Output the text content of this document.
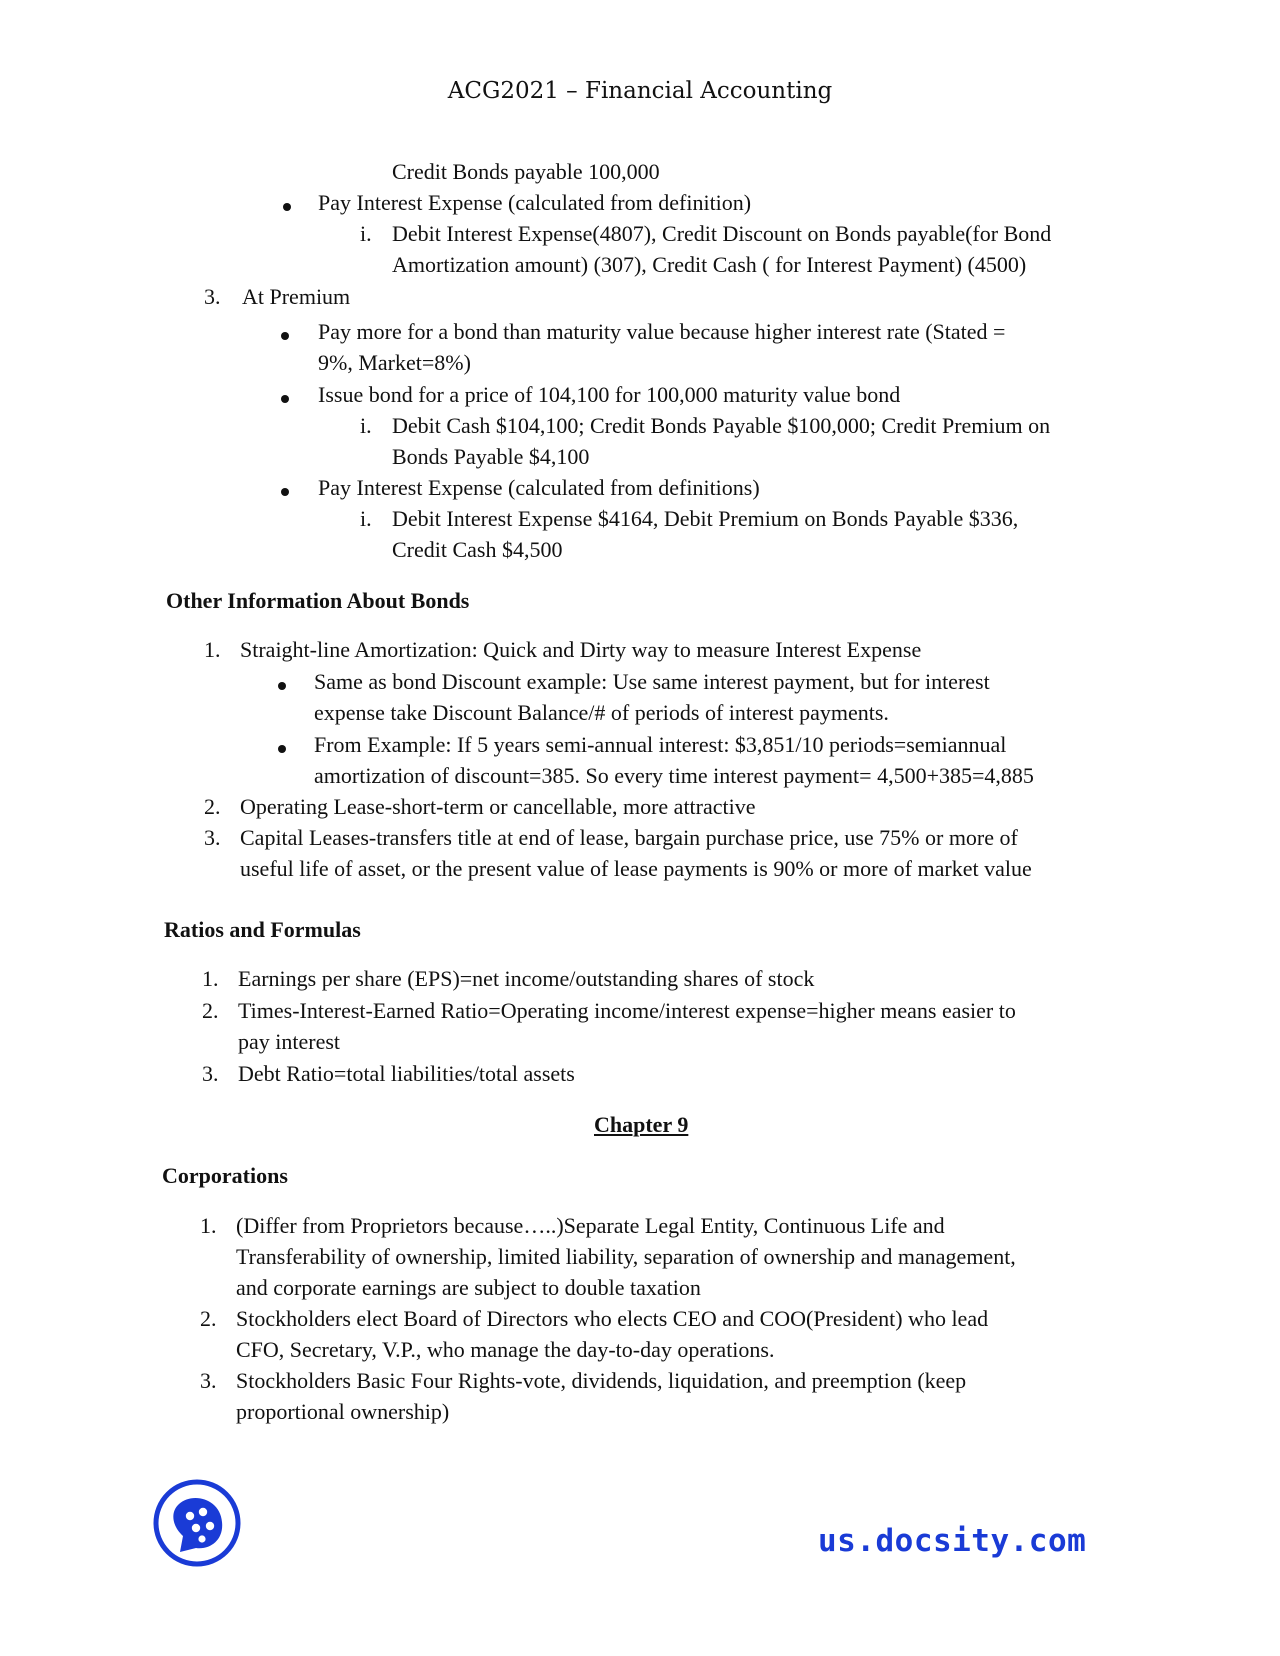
ACG2021 – Financial Accounting
Credit Bonds payable 100,000
Pay Interest Expense (calculated from definition)
i. Debit Interest Expense(4807), Credit Discount on Bonds payable(for Bond
Amortization amount) (307), Credit Cash ( for Interest Payment) (4500)
3. At Premium
Pay more for a bond than maturity value because higher interest rate (Stated =
9%, Market=8%)
Issue bond for a price of 104,100 for 100,000 maturity value bond
i. Debit Cash $104,100; Credit Bonds Payable $100,000; Credit Premium on
Bonds Payable $4,100
Pay Interest Expense (calculated from definitions)
i. Debit Interest Expense $4164, Debit Premium on Bonds Payable $336,
Credit Cash $4,500
Other Information About Bonds
1. Straight-line Amortization: Quick and Dirty way to measure Interest Expense
Same as bond Discount example: Use same interest payment, but for interest
expense take Discount Balance/# of periods of interest payments.
From Example: If 5 years semi-annual interest: $3,851/10 periods=semiannual
amortization of discount=385. So every time interest payment= 4,500+385=4,885
2. Operating Lease-short-term or cancellable, more attractive
3. Capital Leases-transfers title at end of lease, bargain purchase price, use 75% or more of
useful life of asset, or the present value of lease payments is 90% or more of market value
Ratios and Formulas
1. Earnings per share (EPS)=net income/outstanding shares of stock
2. Times-Interest-Earned Ratio=Operating income/interest expense=higher means easier to
pay interest
3. Debt Ratio=total liabilities/total assets
Chapter 9
Corporations
1. (Differ from Proprietors because…..)Separate Legal Entity, Continuous Life and
Transferability of ownership, limited liability, separation of ownership and management,
and corporate earnings are subject to double taxation
2. Stockholders elect Board of Directors who elects CEO and COO(President) who lead
CFO, Secretary, V.P., who manage the day-to-day operations.
3. Stockholders Basic Four Rights-vote, dividends, liquidation, and preemption (keep
proportional ownership)
us.docsity.com
